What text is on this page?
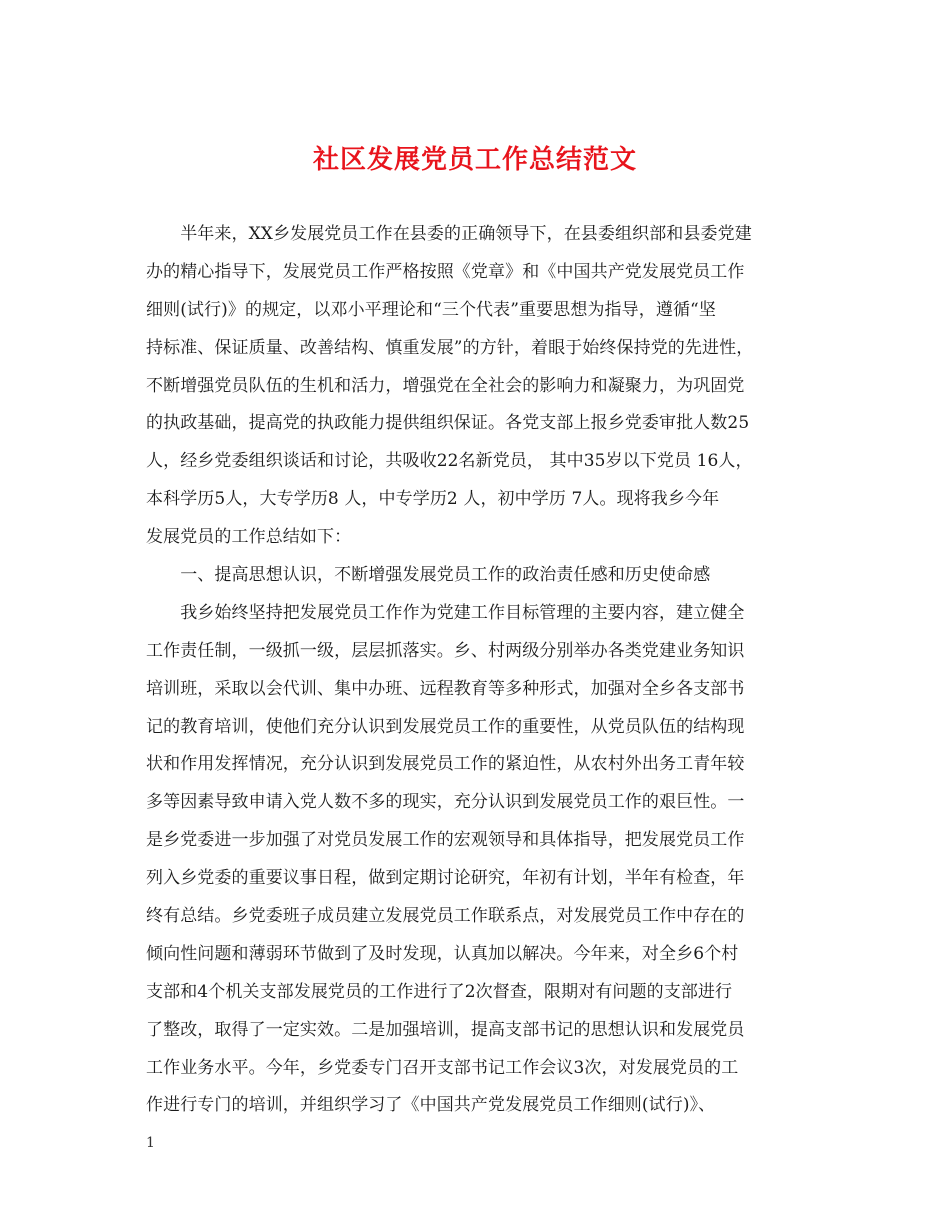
社区发展党员工作总结范文
　　半年来，XX乡发展党员工作在县委的正确领导下，在县委组织部和县委党建
办的精心指导下，发展党员工作严格按照《党章》和《中国共产党发展党员工作
细则(试行)》的规定，以邓小平理论和“三个代表”重要思想为指导，遵循“坚
持标准、保证质量、改善结构、慎重发展”的方针，着眼于始终保持党的先进性，
不断增强党员队伍的生机和活力，增强党在全社会的影响力和凝聚力，为巩固党
的执政基础，提高党的执政能力提供组织保证。各党支部上报乡党委审批人数25
人，经乡党委组织谈话和讨论，共吸收22名新党员， 其中35岁以下党员 16人，
本科学历5人，大专学历8 人，中专学历2 人，初中学历 7人。现将我乡今年
发展党员的工作总结如下：
　　一、提高思想认识，不断增强发展党员工作的政治责任感和历史使命感
　　我乡始终坚持把发展党员工作作为党建工作目标管理的主要内容，建立健全
工作责任制，一级抓一级，层层抓落实。乡、村两级分别举办各类党建业务知识
培训班，采取以会代训、集中办班、远程教育等多种形式，加强对全乡各支部书
记的教育培训，使他们充分认识到发展党员工作的重要性，从党员队伍的结构现
状和作用发挥情况，充分认识到发展党员工作的紧迫性，从农村外出务工青年较
多等因素导致申请入党人数不多的现实，充分认识到发展党员工作的艰巨性。一
是乡党委进一步加强了对党员发展工作的宏观领导和具体指导，把发展党员工作
列入乡党委的重要议事日程，做到定期讨论研究，年初有计划，半年有检查，年
终有总结。乡党委班子成员建立发展党员工作联系点，对发展党员工作中存在的
倾向性问题和薄弱环节做到了及时发现，认真加以解决。今年来，对全乡6个村
支部和4个机关支部发展党员的工作进行了2次督查，限期对有问题的支部进行
了整改，取得了一定实效。二是加强培训，提高支部书记的思想认识和发展党员
工作业务水平。今年，乡党委专门召开支部书记工作会议3次，对发展党员的工
作进行专门的培训，并组织学习了《中国共产党发展党员工作细则(试行)》、
1
